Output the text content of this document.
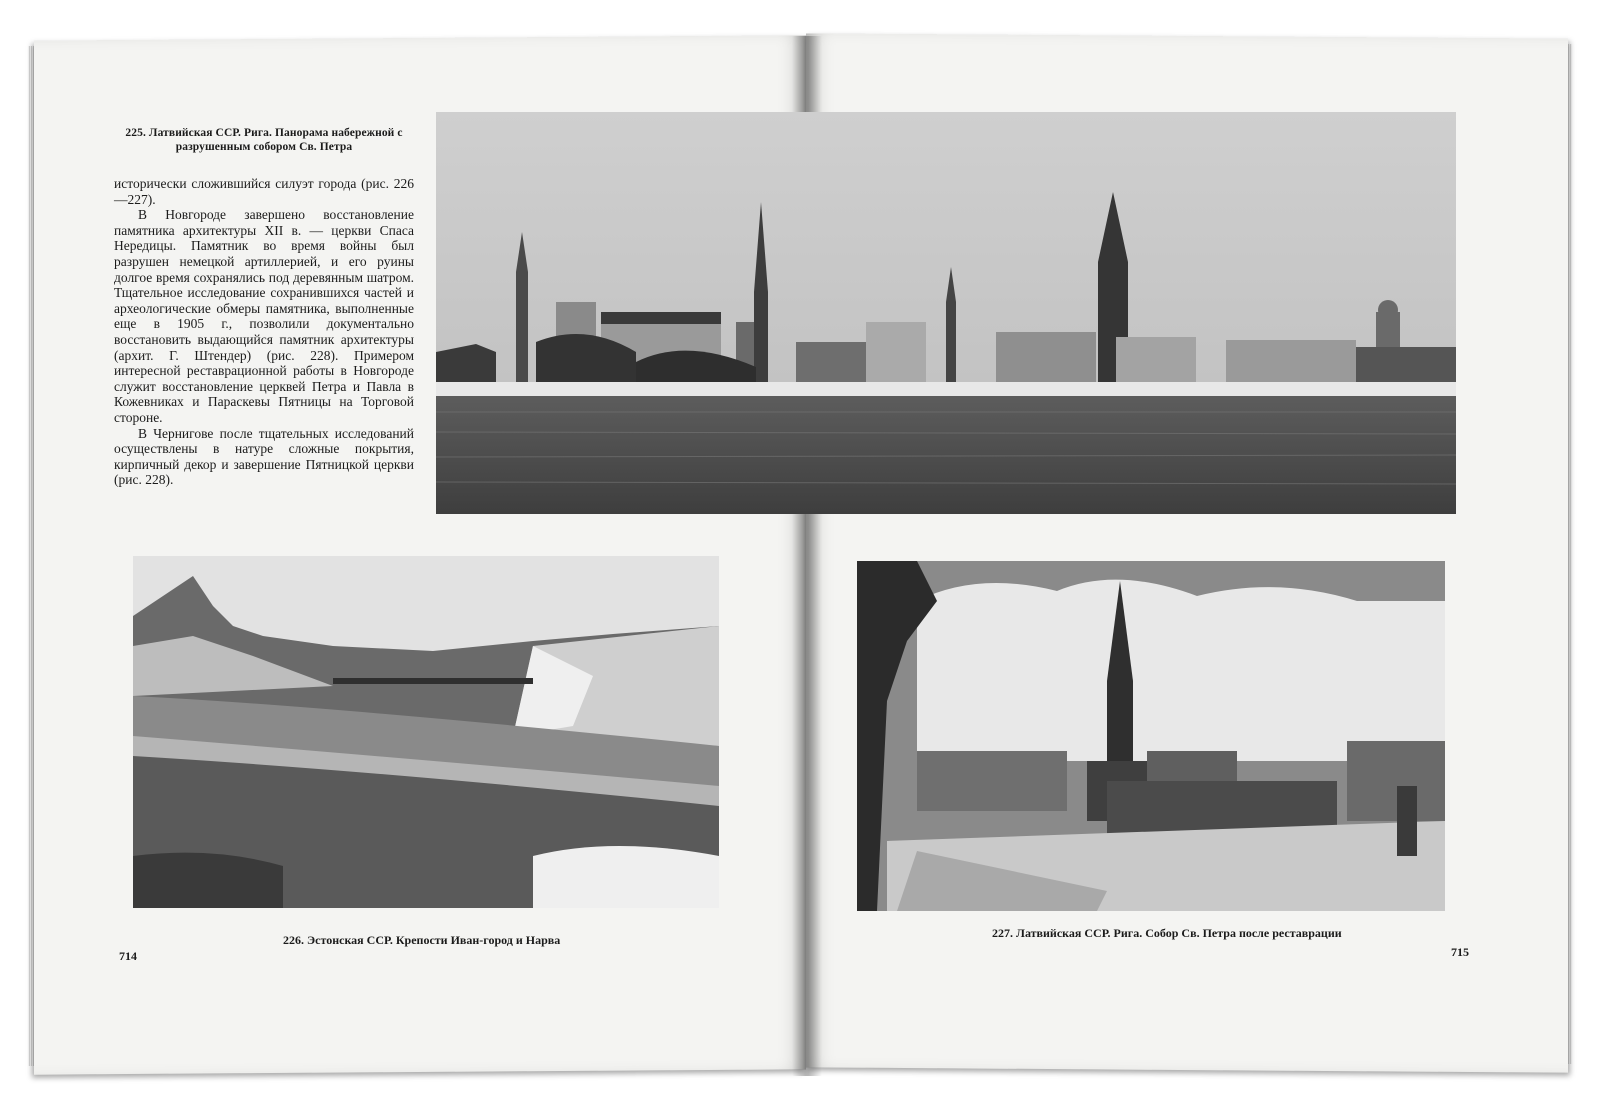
225. Латвийская ССР. Рига. Панорама набережной с разрушенным собором Св. Петра

исторически сложившийся силуэт города (рис. 226—227).

В Новгороде завершено восстановление памятника архитектуры XII в. — церкви Спаса Нередицы. Памятник во время войны был разрушен немецкой артиллерией, и его руины долгое время сохранялись под деревянным шатром. Тщательное исследование сохранившихся частей и археологические обмеры памятника, выполненные еще в 1905 г., позволили документально восстановить выдающийся памятник архитектуры (архит. Г. Штендер) (рис. 228). Примером интересной реставрационной работы в Новгороде служит восстановление церквей Петра и Павла в Кожевниках и Параскевы Пятницы на Торговой стороне.

В Чернигове после тщательных исследований осуществлены в натуре сложные покрытия, кирпичный декор и завершение Пятницкой церкви (рис. 228).

226. Эстонская ССР. Крепости Иван-город и Нарва
714
227. Латвийская ССР. Рига. Собор Св. Петра после реставрации
715
